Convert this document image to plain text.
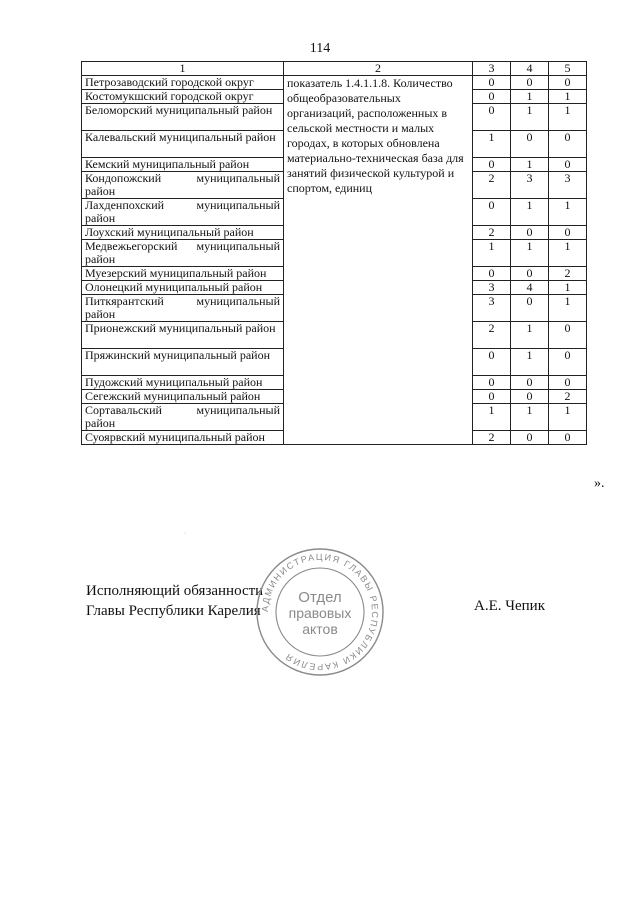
114
1	2	3	4	5
Петрозаводский городской округ	показатель 1.4.1.1.8. Количество общеобразовательных организаций, расположенных в сельской местности и малых городах, в которых обновлена материально-техническая база для занятий физической культурой и спортом, единиц	0	0	0
Костомукшский городской округ		0	1	1
Беломорский муниципальный район		0	1	1
Калевальский муниципальный район		1	0	0
Кемский муниципальный район		0	1	0
Кондопожский муниципальный район		2	3	3
Лахденпохский муниципальный район		0	1	1
Лоухский муниципальный район		2	0	0
Медвежьегорский муниципальный район		1	1	1
Муезерский муниципальный район		0	0	2
Олонецкий муниципальный район		3	4	1
Питкярантский муниципальный район		3	0	1
Прионежский муниципальный район		2	1	0
Пряжинский муниципальный район		0	1	0
Пудожский муниципальный район		0	0	0
Сегежский муниципальный район		0	0	2
Сортавальский муниципальный район		1	1	1
Суоярвский муниципальный район		2	0	0
».
·
Исполняющий обязанности
Главы Республики Карелия АДМИНИСТРАЦИЯ ГЛАВЫ РЕСПУБЛИКИ КАРЕЛИЯ
Отдел
правовых
актов
А.Е. Чепик
